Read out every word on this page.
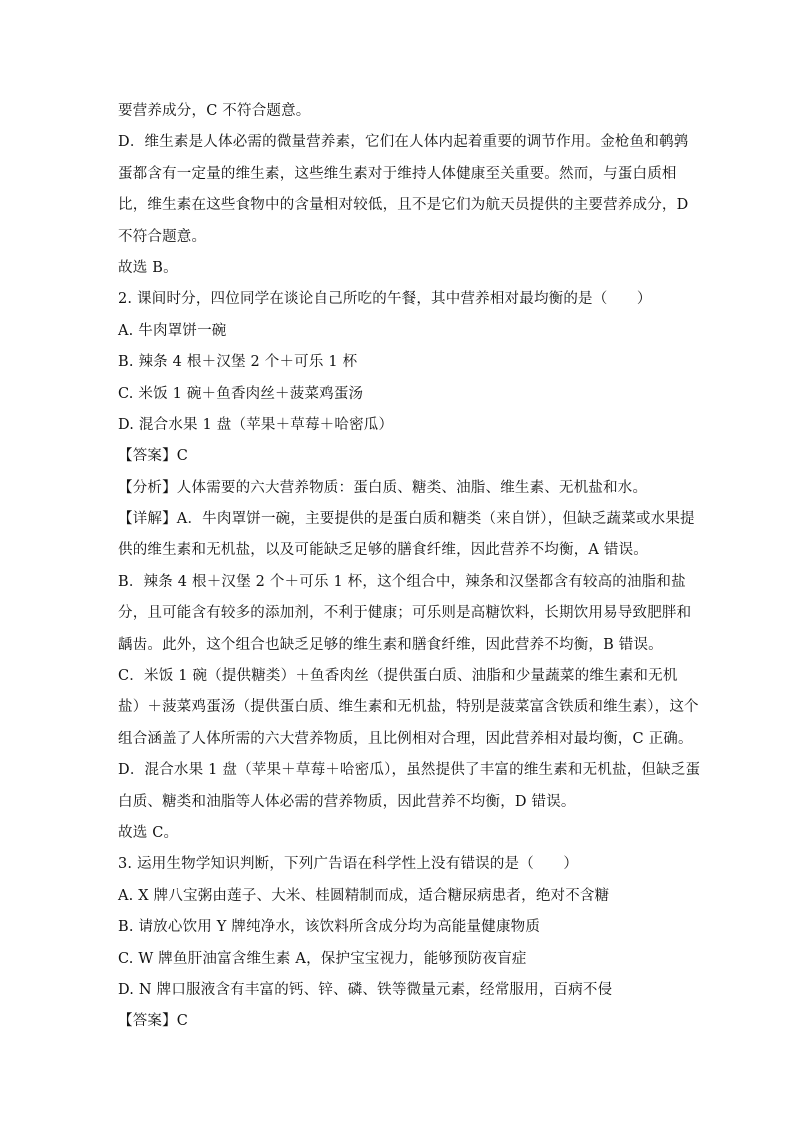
要营养成分，C 不符合题意。
D．维生素是人体必需的微量营养素，它们在人体内起着重要的调节作用。金枪鱼和鹌鹑
蛋都含有一定量的维生素，这些维生素对于维持人体健康至关重要。然而，与蛋白质相
比，维生素在这些食物中的含量相对较低，且不是它们为航天员提供的主要营养成分，D
不符合题意。
故选 B。
2. 课间时分，四位同学在谈论自己所吃的午餐，其中营养相对最均衡的是（　　）
A. 牛肉罩饼一碗
B. 辣条 4 根＋汉堡 2 个＋可乐 1 杯
C. 米饭 1 碗＋鱼香肉丝＋菠菜鸡蛋汤
D. 混合水果 1 盘（苹果＋草莓＋哈密瓜）
【答案】C
【分析】人体需要的六大营养物质：蛋白质、糖类、油脂、维生素、无机盐和水。
【详解】A．牛肉罩饼一碗，主要提供的是蛋白质和糖类（来自饼），但缺乏蔬菜或水果提
供的维生素和无机盐，以及可能缺乏足够的膳食纤维，因此营养不均衡，A 错误。
B．辣条 4 根＋汉堡 2 个＋可乐 1 杯，这个组合中，辣条和汉堡都含有较高的油脂和盐
分，且可能含有较多的添加剂，不利于健康；可乐则是高糖饮料，长期饮用易导致肥胖和
龋齿。此外，这个组合也缺乏足够的维生素和膳食纤维，因此营养不均衡，B 错误。
C．米饭 1 碗（提供糖类）＋鱼香肉丝（提供蛋白质、油脂和少量蔬菜的维生素和无机
盐）＋菠菜鸡蛋汤（提供蛋白质、维生素和无机盐，特别是菠菜富含铁质和维生素），这个
组合涵盖了人体所需的六大营养物质，且比例相对合理，因此营养相对最均衡，C 正确。
D．混合水果 1 盘（苹果＋草莓＋哈密瓜），虽然提供了丰富的维生素和无机盐，但缺乏蛋
白质、糖类和油脂等人体必需的营养物质，因此营养不均衡，D 错误。
故选 C。
3. 运用生物学知识判断，下列广告语在科学性上没有错误的是（　　）
A. X 牌八宝粥由莲子、大米、桂圆精制而成，适合糖尿病患者，绝对不含糖
B. 请放心饮用 Y 牌纯净水，该饮料所含成分均为高能量健康物质
C. W 牌鱼肝油富含维生素 A，保护宝宝视力，能够预防夜盲症
D. N 牌口服液含有丰富的钙、锌、磷、铁等微量元素，经常服用，百病不侵
【答案】C
